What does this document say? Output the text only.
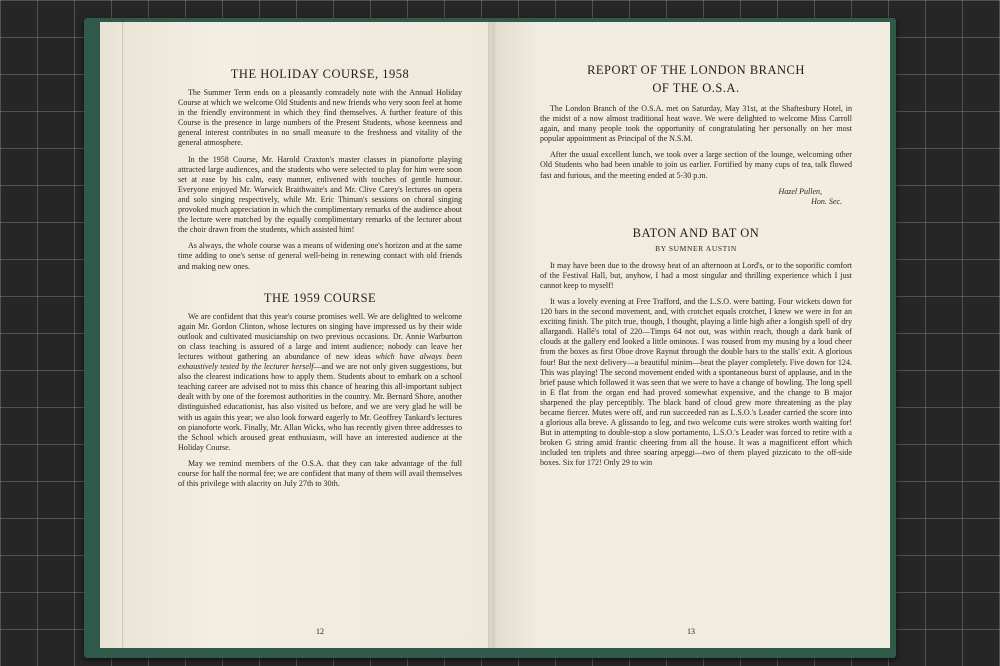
THE HOLIDAY COURSE, 1958

The Summer Term ends on a pleasantly comradely note with the Annual Holiday Course at which we welcome Old Students and new friends who very soon feel at home in the friendly environment in which they find themselves. A further feature of this Course is the presence in large numbers of the Present Students, whose keenness and general interest contributes in no small measure to the freshness and vitality of the general atmosphere.

In the 1958 Course, Mr. Harold Craxton's master classes in pianoforte playing attracted large audiences, and the students who were selected to play for him were soon set at ease by his calm, easy manner, enlivened with touches of gentle humour. Everyone enjoyed Mr. Warwick Braithwaite's and Mr. Clive Carey's lectures on opera and solo singing respectively, while Mr. Eric Thiman's sessions on choral singing provoked much appreciation in which the complimentary remarks of the audience about the lecture were matched by the equally complimentary remarks of the lecturer about the choir drawn from the students, which assisted him!

As always, the whole course was a means of widening one's horizon and at the same time adding to one's sense of general well-being in renewing contact with old friends and making new ones.

THE 1959 COURSE

We are confident that this year's course promises well. We are delighted to welcome again Mr. Gordon Clinton, whose lectures on singing have impressed us by their wide outlook and cultivated musicianship on two previous occasions. Dr. Annie Warburton on class teaching is assured of a large and intent audience; nobody can leave her lectures without gathering an abundance of new ideas which have always been exhaustively tested by the lecturer herself—and we are not only given suggestions, but also the clearest indications how to apply them. Students about to embark on a school teaching career are advised not to miss this chance of hearing this all-important subject dealt with by one of the foremost authorities in the country. Mr. Bernard Shore, another distinguished educationist, has also visited us before, and we are very glad he will be with us again this year; we also look forward eagerly to Mr. Geoffrey Tankard's lectures on pianoforte work. Finally, Mr. Allan Wicks, who has recently given three addresses to the School which aroused great enthusiasm, will have an interested audience at the Holiday Course.

May we remind members of the O.S.A. that they can take advantage of the full course for half the normal fee; we are confident that many of them will avail themselves of this privilege with alacrity on July 27th to 30th.

12
REPORT OF THE LONDON BRANCH
OF THE O.S.A.

The London Branch of the O.S.A. met on Saturday, May 31st, at the Shaftesbury Hotel, in the midst of a now almost traditional heat wave. We were delighted to welcome Miss Carroll again, and many people took the opportunity of congratulating her personally on her most popular appointment as Principal of the N.S.M.

After the usual excellent lunch, we took over a large section of the lounge, welcoming other Old Students who had been unable to join us earlier. Fortified by many cups of tea, talk flowed fast and furious, and the meeting ended at 5-30 p.m.

Hazel Pullen,
Hon. Sec.
BATON AND BAT ON
BY SUMNER AUSTIN

It may have been due to the drowsy heat of an afternoon at Lord's, or to the soporific comfort of the Festival Hall, but, anyhow, I had a most singular and thrilling experience which I just cannot keep to myself!

It was a lovely evening at Free Trafford, and the L.S.O. were batting. Four wickets down for 120 bars in the second movement, and, with crotchet equals crotchet, I knew we were in for an exciting finish. The pitch true, though, I thought, playing a little high after a longish spell of dry allargandi. Hallé's total of 220—Timps 64 not out, was within reach, though a dark bank of clouds at the gallery end looked a little ominous. I was roused from my musing by a loud cheer from the boxes as first Oboe drove Raynut through the double bars to the stalls' exit. A glorious four! But the next delivery—a beautiful minim—beat the player completely. Five down for 124. This was playing! The second movement ended with a spontaneous burst of applause, and in the brief pause which followed it was seen that we were to have a change of bowling. The long spell in E flat from the organ end had proved somewhat expensive, and the change to B major sharpened the play perceptibly. The black band of cloud grew more threatening as the play became fiercer. Mutes were off, and run succeeded run as L.S.O.'s Leader carried the score into a glorious alla breve. A glissando to leg, and two welcome cuts were strokes worth waiting for! But in attempting to double-stop a slow portamento, L.S.O.'s Leader was forced to retire with a broken G string amid frantic cheering from all the house. It was a magnificent effort which included ten triplets and three soaring arpeggi—two of them played pizzicato to the off-side boxes. Six for 172! Only 29 to win

13
